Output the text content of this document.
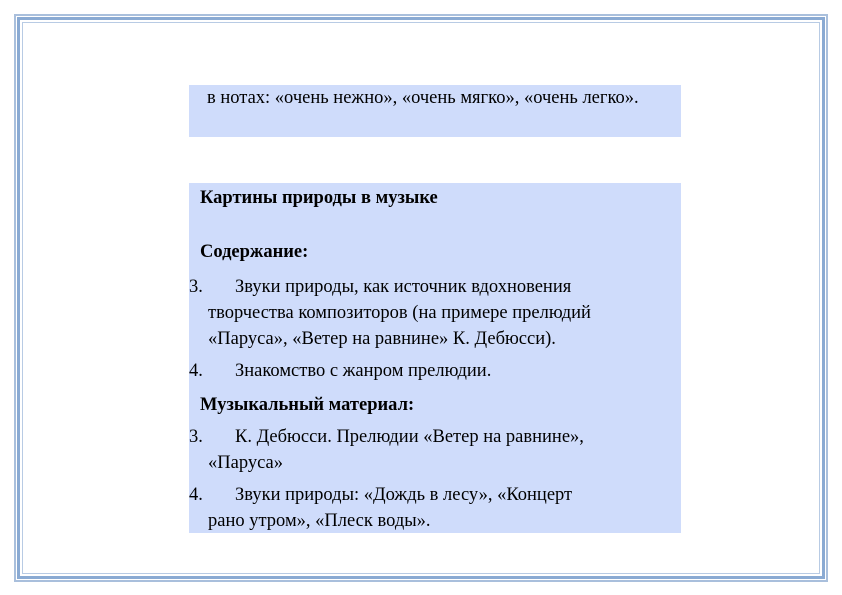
в нотах: «очень нежно», «очень мягко», «очень легко».
Картины природы в музыке
Содержание:
3.	Звуки природы, как источник вдохновения
творчества композиторов (на примере прелюдий «Паруса», «Ветер на равнине» К. Дебюсси).
4.	Знакомство с жанром прелюдии.
Музыкальный материал:
3.	К. Дебюсси. Прелюдии «Ветер на равнине»,
«Паруса»
4.	Звуки природы: «Дождь в лесу», «Концерт
рано утром», «Плеск воды».
